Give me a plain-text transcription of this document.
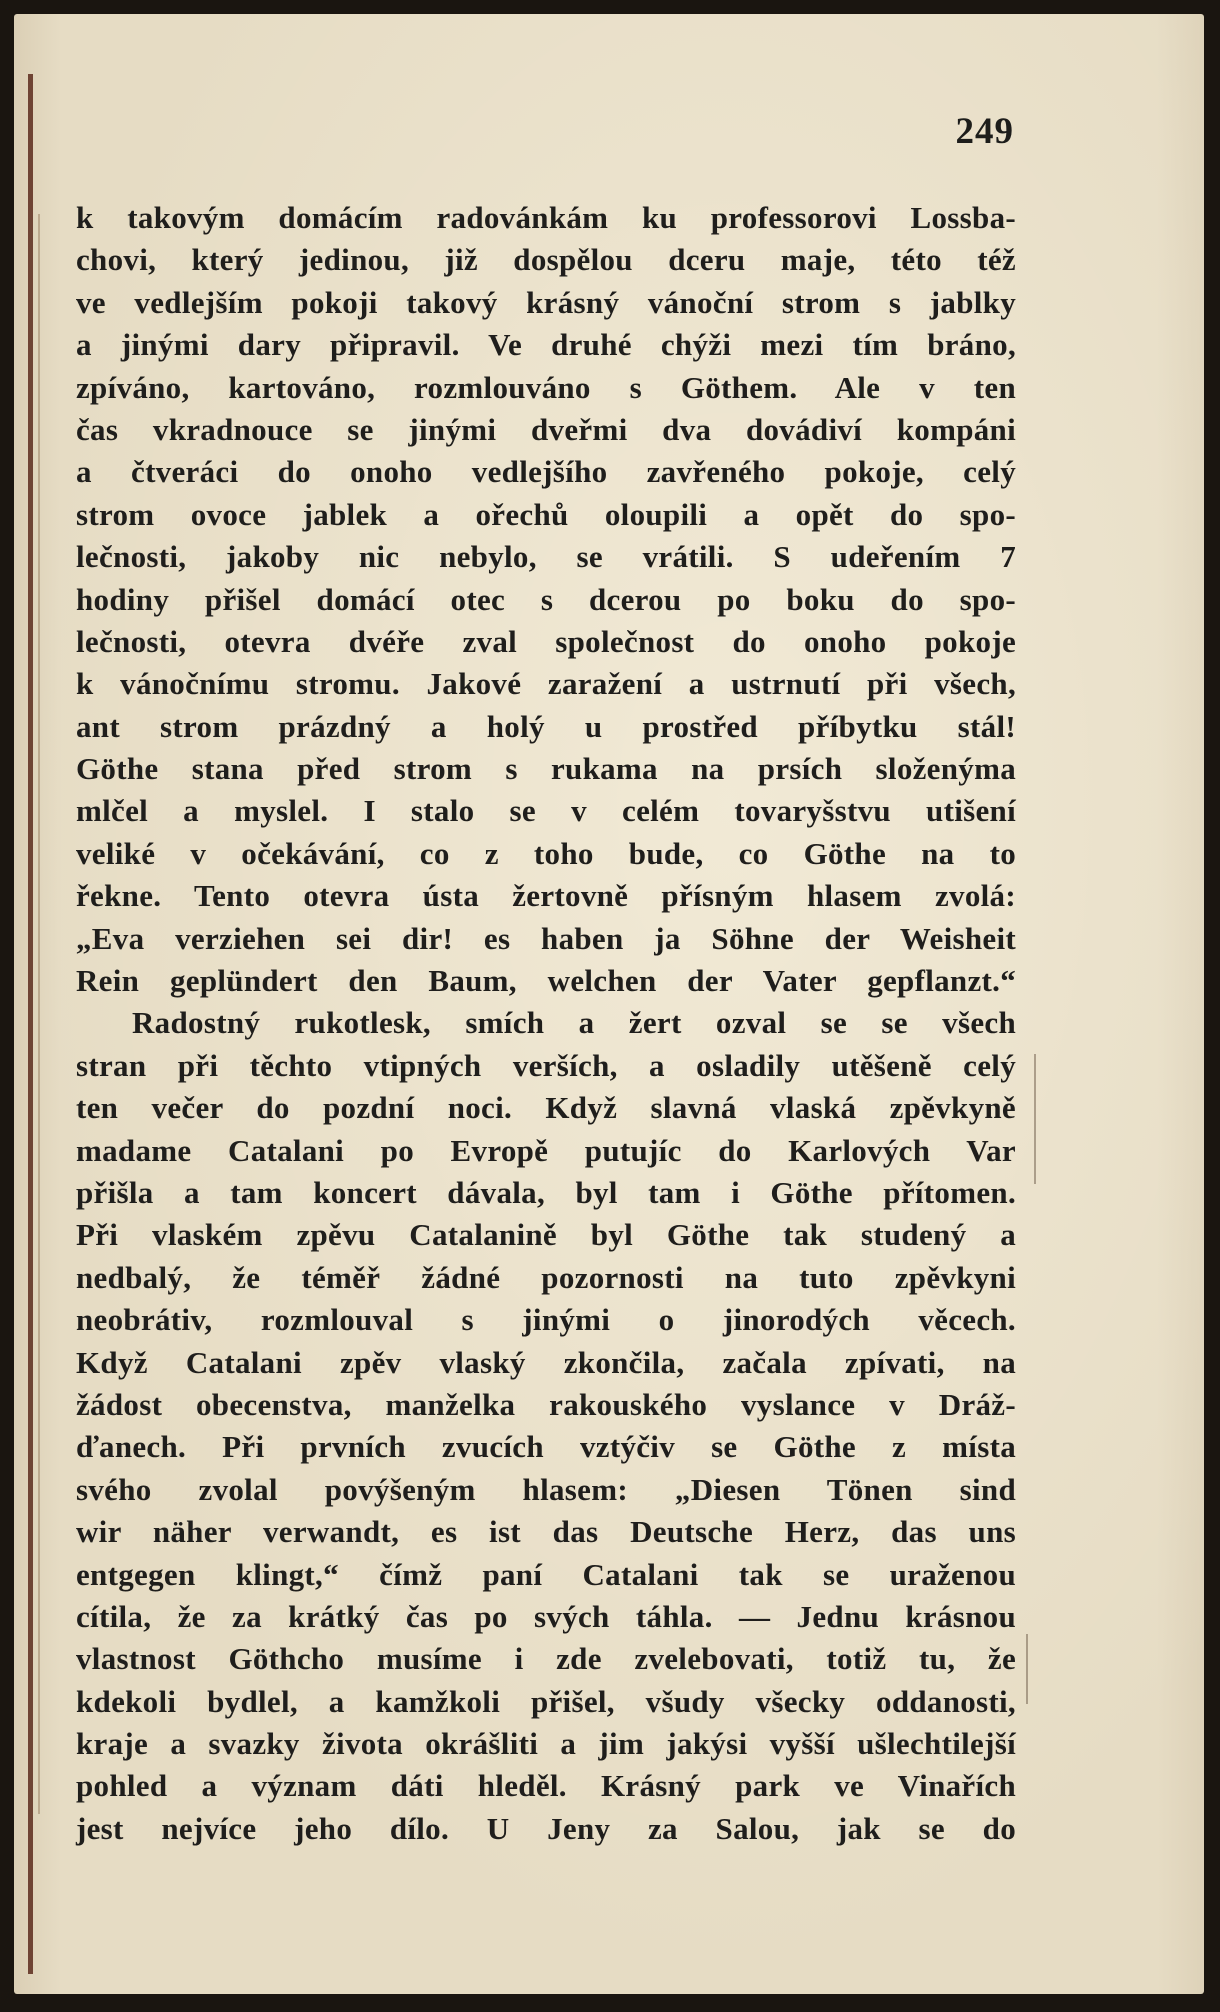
249
k takovým domácím radovánkám ku professorovi Lossba-
chovi, který jedinou, již dospělou dceru maje, této též
ve vedlejším pokoji takový krásný vánoční strom s jablky
a jinými dary připravil. Ve druhé chýži mezi tím bráno,
zpíváno, kartováno, rozmlouváno s Göthem. Ale v ten
čas vkradnouce se jinými dveřmi dva dovádiví kompáni
a čtveráci do onoho vedlejšího zavřeného pokoje, celý
strom ovoce jablek a ořechů oloupili a opět do spo-
lečnosti, jakoby nic nebylo, se vrátili. S udeřením 7
hodiny přišel domácí otec s dcerou po boku do spo-
lečnosti, otevra dvéře zval společnost do onoho pokoje
k vánočnímu stromu. Jakové zaražení a ustrnutí při všech,
ant strom prázdný a holý u prostřed příbytku stál!
Göthe stana před strom s rukama na prsích složenýma
mlčel a myslel. I stalo se v celém tovaryšstvu utišení
veliké v očekávání, co z toho bude, co Göthe na to
řekne. Tento otevra ústa žertovně přísným hlasem zvolá:
„Eva verziehen sei dir! es haben ja Söhne der Weisheit
Rein geplündert den Baum, welchen der Vater gepflanzt.“
Radostný rukotlesk, smích a žert ozval se se všech
stran při těchto vtipných verších, a osladily utěšeně celý
ten večer do pozdní noci. Když slavná vlaská zpěvkyně
madame Catalani po Evropě putujíc do Karlových Var
přišla a tam koncert dávala, byl tam i Göthe přítomen.
Při vlaském zpěvu Catalanině byl Göthe tak studený a
nedbalý, že téměř žádné pozornosti na tuto zpěvkyni
neobrátiv, rozmlouval s jinými o jinorodých věcech.
Když Catalani zpěv vlaský zkončila, začala zpívati, na
žádost obecenstva, manželka rakouského vyslance v Dráž-
ďanech. Při prvních zvucích vztýčiv se Göthe z místa
svého zvolal povýšeným hlasem: „Diesen Tönen sind
wir näher verwandt, es ist das Deutsche Herz, das uns
entgegen klingt,“ čímž paní Catalani tak se uraženou
cítila, že za krátký čas po svých táhla. — Jednu krásnou
vlastnost Göthcho musíme i zde zvelebovati, totiž tu, že
kdekoli bydlel, a kamžkoli přišel, všudy všecky oddanosti,
kraje a svazky života okrášliti a jim jakýsi vyšší ušlechtilejší
pohled a význam dáti hleděl. Krásný park ve Vinařích
jest nejvíce jeho dílo. U Jeny za Salou, jak se do
